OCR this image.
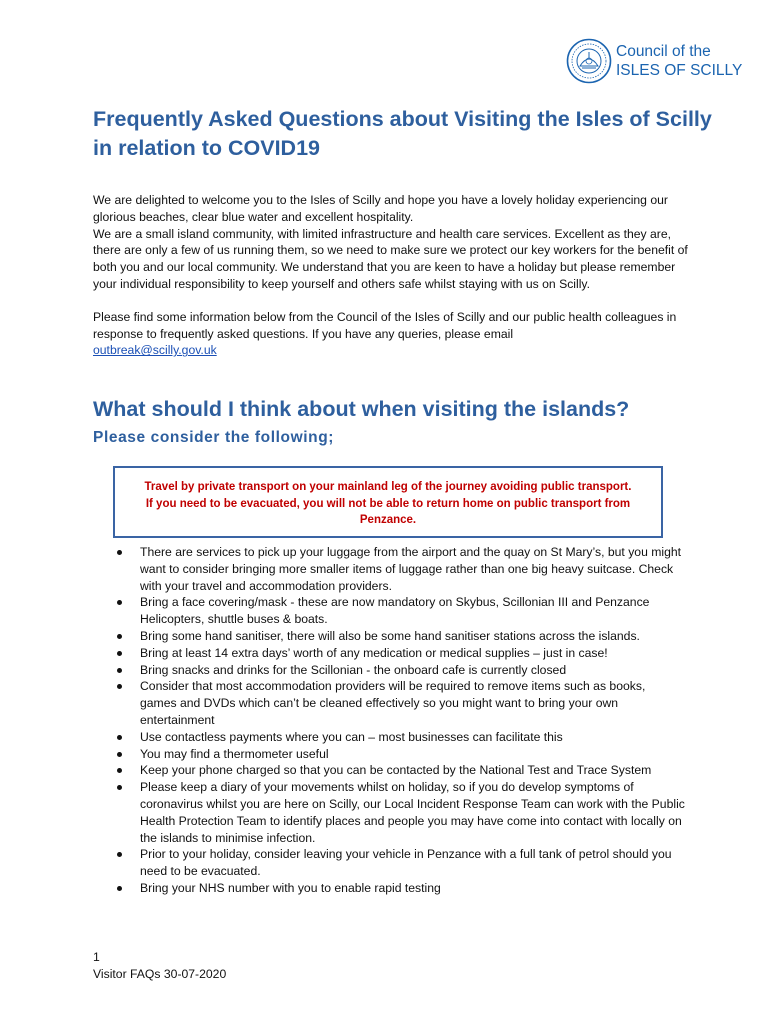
Council of the
ISLES OF SCILLY
Frequently Asked Questions about Visiting the Isles of Scilly in relation to COVID19

We are delighted to welcome you to the Isles of Scilly and hope you have a lovely holiday experiencing our glorious beaches, clear blue water and excellent hospitality.

We are a small island community, with limited infrastructure and health care services. Excellent as they are, there are only a few of us running them, so we need to make sure we protect our key workers for the benefit of both you and our local community. We understand that you are keen to have a holiday but please remember your individual responsibility to keep yourself and others safe whilst staying with us on Scilly.

Please find some information below from the Council of the Isles of Scilly and our public health colleagues in response to frequently asked questions. If you have any queries, please email
outbreak@scilly.gov.uk

What should I think about when visiting the islands?
Please consider the following;
Travel by private transport on your mainland leg of the journey avoiding public transport.
If you need to be evacuated, you will not be able to return home on public transport from Penzance.
There are services to pick up your luggage from the airport and the quay on St Mary’s, but you might want to consider bringing more smaller items of luggage rather than one big heavy suitcase. Check with your travel and accommodation providers.
Bring a face covering/mask - these are now mandatory on Skybus, Scillonian III and Penzance Helicopters, shuttle buses & boats.
Bring some hand sanitiser, there will also be some hand sanitiser stations across the islands.
Bring at least 14 extra days’ worth of any medication or medical supplies – just in case!
Bring snacks and drinks for the Scillonian - the onboard cafe is currently closed
Consider that most accommodation providers will be required to remove items such as books, games and DVDs which can’t be cleaned effectively so you might want to bring your own entertainment
Use contactless payments where you can – most businesses can facilitate this
You may find a thermometer useful
Keep your phone charged so that you can be contacted by the National Test and Trace System
Please keep a diary of your movements whilst on holiday, so if you do develop symptoms of coronavirus whilst you are here on Scilly, our Local Incident Response Team can work with the Public Health Protection Team to identify places and people you may have come into contact with locally on the islands to minimise infection.
Prior to your holiday, consider leaving your vehicle in Penzance with a full tank of petrol should you need to be evacuated.
Bring your NHS number with you to enable rapid testing
1
Visitor FAQs 30-07-2020
